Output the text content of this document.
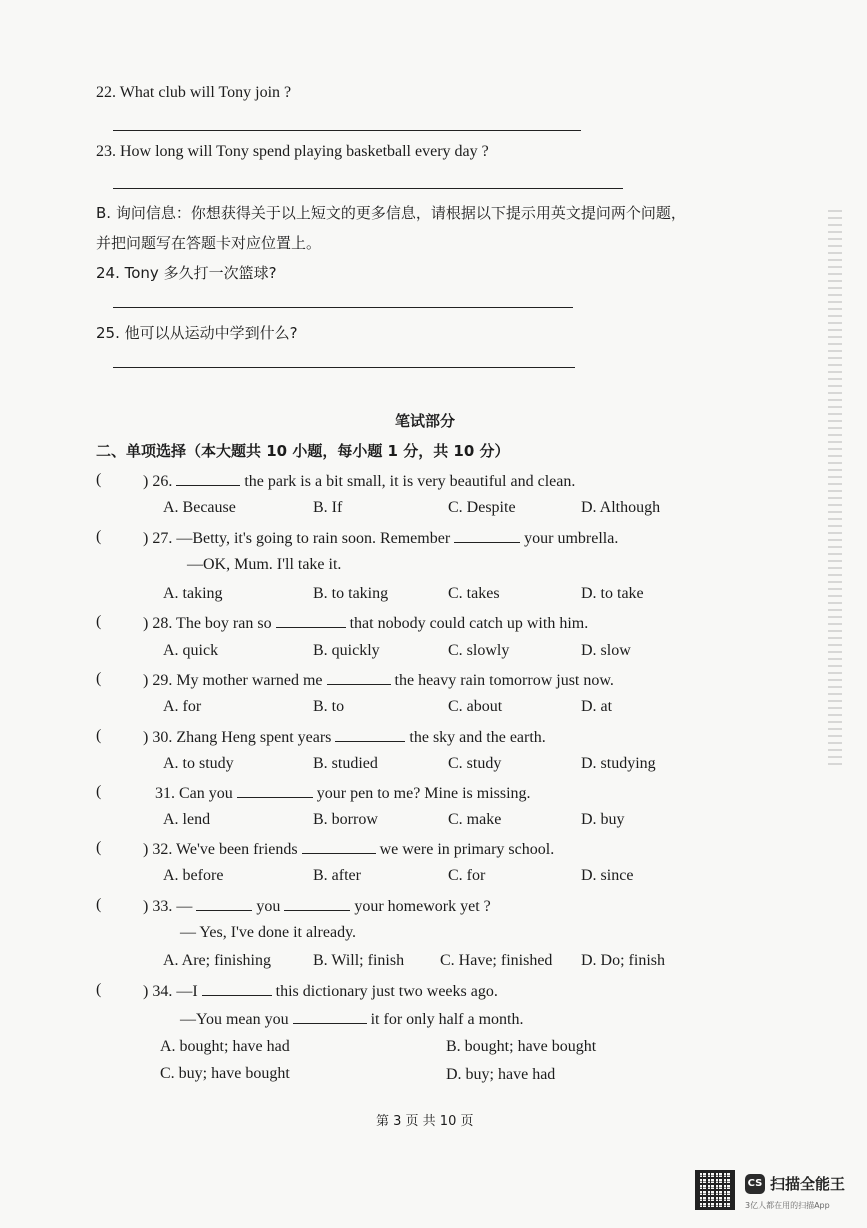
22. What club will Tony join ?
23. How long will Tony spend playing basketball every day ?
B. 询问信息：你想获得关于以上短文的更多信息，请根据以下提示用英文提问两个问题，
并把问题写在答题卡对应位置上。
24. Tony 多久打一次篮球?
25. 他可以从运动中学到什么?
笔试部分
二、单项选择（本大题共 10 小题，每小题 1 分，共 10 分）
(	) 26.	the park is a bit small, it is very beautiful and clean.
A. Because	B. If	C. Despite	D. Although
(	) 27. —Betty, it's going to rain soon. Remember	your umbrella.
—OK, Mum. I'll take it.
A. taking	B. to taking	C. takes	D. to take
(	) 28. The boy ran so	that nobody could catch up with him.
A. quick	B. quickly	C. slowly	D. slow
(	) 29. My mother warned me	the heavy rain tomorrow just now.
A. for	B. to	C. about	D. at
(	) 30. Zhang Heng spent years	the sky and the earth.
A. to study	B. studied	C. study	D. studying
(	31. Can you	your pen to me? Mine is missing.
A. lend	B. borrow	C. make	D. buy
(	) 32. We've been friends	we were in primary school.
A. before	B. after	C. for	D. since
(	) 33. —	you	your homework yet ?
— Yes, I've done it already.
A. Are; finishing	B. Will; finish C. Have; finished D. Do; finish
(	) 34. —I	this dictionary just two weeks ago.
—You mean you	it for only half a month.
A. bought; have had	B. bought; have bought
C. buy; have bought	D. buy; have had
第 3 页 共 10 页
CS 扫描全能王
3亿人都在用的扫描App
